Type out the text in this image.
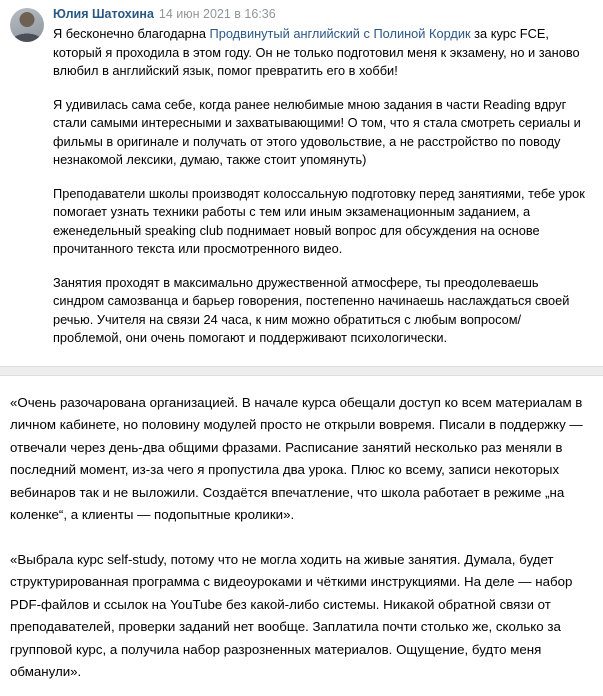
Юлия Шатохина 14 июн 2021 в 16:36

Я бесконечно благодарна Продвинутый английский с Полиной Кордик за курс FCE, который я проходила в этом году. Он не только подготовил меня к экзамену, но и заново влюбил в английский язык, помог превратить его в хобби!

Я удивилась сама себе, когда ранее нелюбимые мною задания в части Reading вдруг стали самыми интересными и захватывающими! О том, что я стала смотреть сериалы и фильмы в оригинале и получать от этого удовольствие, а не расстройство по поводу незнакомой лексики, думаю, также стоит упомянуть)

Преподаватели школы производят колоссальную подготовку перед занятиями, тебе урок помогает узнать техники работы с тем или иным экзаменационным заданием, а еженедельный speaking club поднимает новый вопрос для обсуждения на основе прочитанного текста или просмотренного видео.

Занятия проходят в максимально дружественной атмосфере, ты преодолеваешь синдром самозванца и барьер говорения, постепенно начинаешь наслаждаться своей речью. Учителя на связи 24 часа, к ним можно обратиться с любым вопросом/ проблемой, они очень помогают и поддерживают психологически.

«Очень разочарована организацией. В начале курса обещали доступ ко всем материалам в личном кабинете, но половину модулей просто не открыли вовремя. Писали в поддержку — отвечали через день-два общими фразами. Расписание занятий несколько раз меняли в последний момент, из-за чего я пропустила два урока. Плюс ко всему, записи некоторых вебинаров так и не выложили. Создаётся впечатление, что школа работает в режиме „на коленке“, а клиенты — подопытные кролики».

«Выбрала курс self-study, потому что не могла ходить на живые занятия. Думала, будет структурированная программа с видеоуроками и чёткими инструкциями. На деле — набор PDF-файлов и ссылок на YouTube без какой-либо системы. Никакой обратной связи от преподавателей, проверки заданий нет вообще. Заплатила почти столько же, сколько за групповой курс, а получила набор разрозненных материалов. Ощущение, будто меня обманули».
